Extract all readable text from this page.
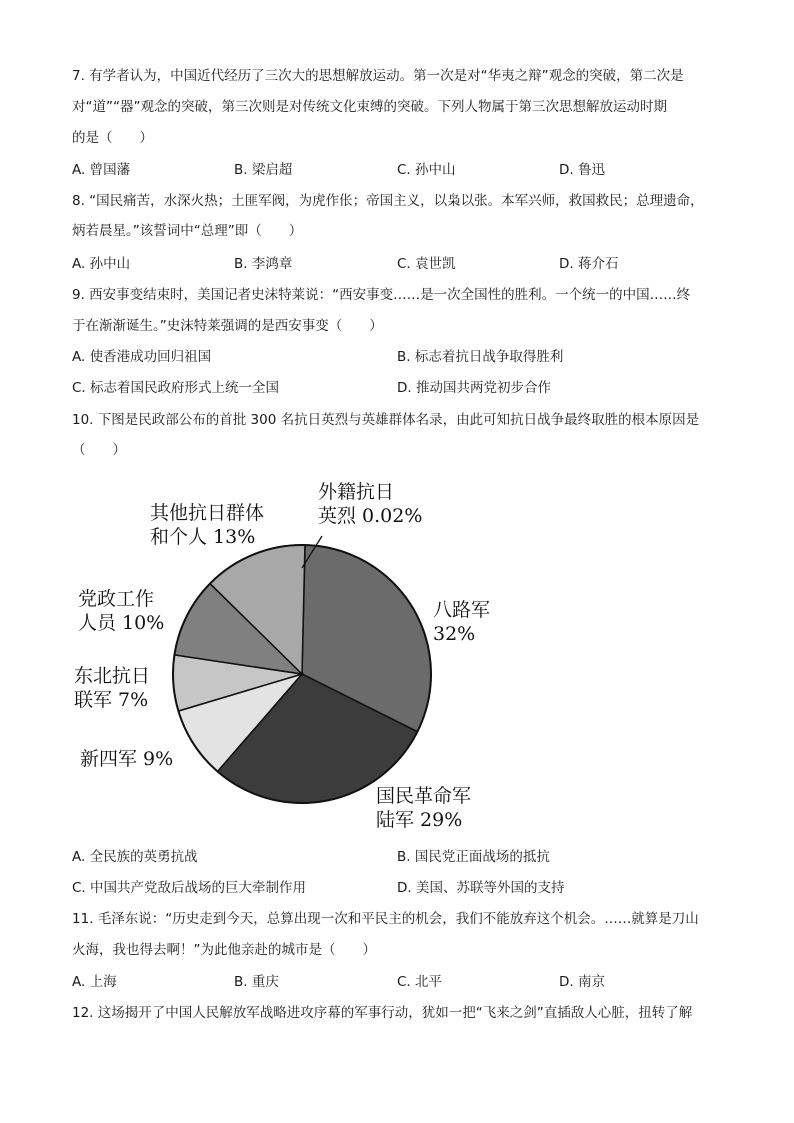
7. 有学者认为，中国近代经历了三次大的思想解放运动。第一次是对“华夷之辩”观念的突破，第二次是
对“道”“器”观念的突破，第三次则是对传统文化束缚的突破。下列人物属于第三次思想解放运动时期
的是（　　）
A. 曾国藩	B. 梁启超	C. 孙中山	D. 鲁迅
8. “国民痛苦，水深火热；土匪军阀，为虎作伥；帝国主义，以枭以张。本军兴师，救国救民；总理遗命，
炳若晨星。”该誓词中“总理”即（　　）
A. 孙中山	B. 李鸿章	C. 袁世凯	D. 蒋介石
9. 西安事变结束时，美国记者史沫特莱说：“西安事变……是一次全国性的胜利。一个统一的中国……终
于在渐渐诞生。”史沫特莱强调的是西安事变（　　）
A. 使香港成功回归祖国	B. 标志着抗日战争取得胜利
C. 标志着国民政府形式上统一全国	D. 推动国共两党初步合作
10. 下图是民政部公布的首批 300 名抗日英烈与英雄群体名录，由此可知抗日战争最终取胜的根本原因是
（　　）
外籍抗日
英烈 0.02%
其他抗日群体
和个人 13%
党政工作
人员 10%
八路军
32%
东北抗日
联军 7%
新四军 9%
国民革命军
陆军 29%
A. 全民族的英勇抗战	B. 国民党正面战场的抵抗
C. 中国共产党敌后战场的巨大牵制作用	D. 美国、苏联等外国的支持
11. 毛泽东说：“历史走到今天，总算出现一次和平民主的机会，我们不能放弃这个机会。……就算是刀山
火海，我也得去啊！”为此他亲赴的城市是（　　）
A. 上海	B. 重庆	C. 北平	D. 南京
12. 这场揭开了中国人民解放军战略进攻序幕的军事行动，犹如一把“飞来之剑”直插敌人心脏，扭转了解
